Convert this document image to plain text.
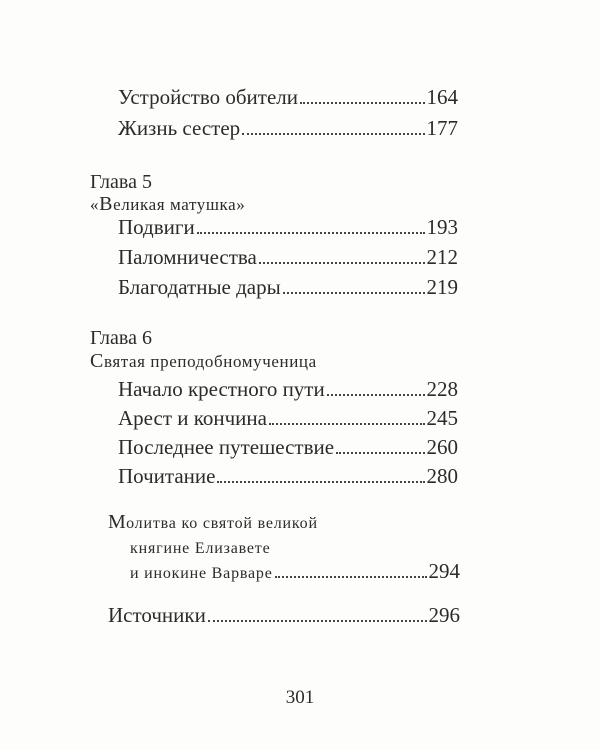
Устройство обители	164
Жизнь сестер	177
Глава 5
«Великая матушка»
Подвиги	193
Паломничества	212
Благодатные дары	219
Глава 6
Святая преподобномученица
Начало крестного пути	228
Арест и кончина	245
Последнее путешествие	260
Почитание	280
Молитва ко святой великой
княгине Елизавете
и инокине Варваре	294
Источники	296
301
